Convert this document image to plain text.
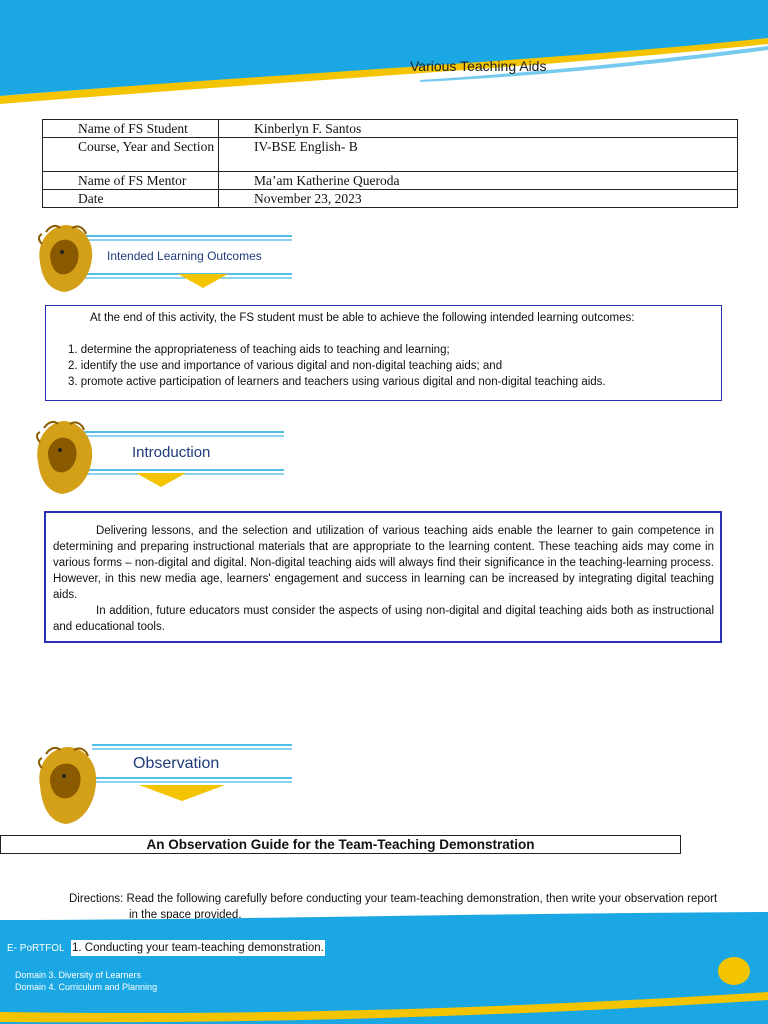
Various Teaching Aids
Name of FS Student	Kinberlyn F. Santos
Course, Year and Section	IV-BSE English- B
Name of FS Mentor	Ma’am Katherine Queroda
Date	November 23, 2023
Intended Learning Outcomes
At the end of this activity, the FS student must be able to achieve the following intended learning outcomes:
1. determine the appropriateness of teaching aids to teaching and learning;
2. identify the use and importance of various digital and non-digital teaching aids; and
3. promote active participation of learners and teachers using various digital and non-digital teaching aids.
Introduction
Delivering lessons, and the selection and utilization of various teaching aids enable the learner to gain competence in determining and preparing instructional materials that are appropriate to the learning content. These teaching aids may come in various forms – non-digital and digital. Non-digital teaching aids will always find their significance in the teaching-learning process. However, in this new media age, learners' engagement and success in learning can be increased by integrating digital teaching aids.
In addition, future educators must consider the aspects of using non-digital and digital teaching aids both as instructional and educational tools.
Observation
An Observation Guide for the Team-Teaching Demonstration
Directions: Read the following carefully before conducting your team-teaching demonstration, then write your observation report in the space provided.
E- PoRTFOL 1. Conducting your team-teaching demonstration.
Domain 3. Diversity of Learners
Domain 4. Curriculum and Planning
